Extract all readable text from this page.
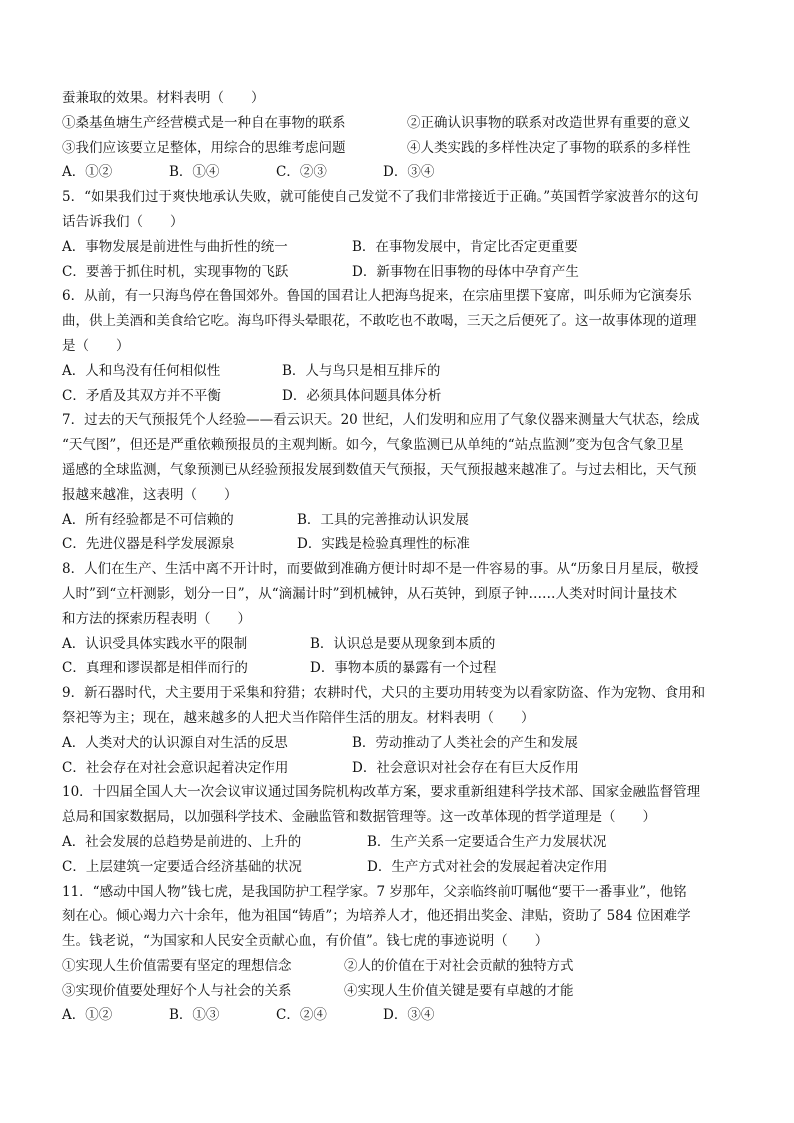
蚕兼取的效果。材料表明（　　）
①桑基鱼塘生产经营模式是一种自在事物的联系	②正确认识事物的联系对改造世界有重要的意义
③我们应该要立足整体，用综合的思维考虑问题	④人类实践的多样性决定了事物的联系的多样性
A．①②	B．①④	C．②③	D．③④
5．“如果我们过于爽快地承认失败，就可能使自己发觉不了我们非常接近于正确。”英国哲学家波普尔的这句
话告诉我们（　　）
A．事物发展是前进性与曲折性的统一	B．在事物发展中，肯定比否定更重要
C．要善于抓住时机，实现事物的飞跃	D．新事物在旧事物的母体中孕育产生
6．从前，有一只海鸟停在鲁国郊外。鲁国的国君让人把海鸟捉来，在宗庙里摆下宴席，叫乐师为它演奏乐
曲，供上美酒和美食给它吃。海鸟吓得头晕眼花，不敢吃也不敢喝，三天之后便死了。这一故事体现的道理
是（　　）
A．人和鸟没有任何相似性	B．人与鸟只是相互排斥的
C．矛盾及其双方并不平衡	D．必须具体问题具体分析
7．过去的天气预报凭个人经验——看云识天。20 世纪，人们发明和应用了气象仪器来测量大气状态，绘成
“天气图”，但还是严重依赖预报员的主观判断。如今，气象监测已从单纯的“站点监测”变为包含气象卫星
遥感的全球监测，气象预测已从经验预报发展到数值天气预报，天气预报越来越准了。与过去相比，天气预
报越来越准，这表明（　　）
A．所有经验都是不可信赖的	B．工具的完善推动认识发展
C．先进仪器是科学发展源泉	D．实践是检验真理性的标准
8．人们在生产、生活中离不开计时，而要做到准确方便计时却不是一件容易的事。从“历象日月星辰，敬授
人时”到“立杆测影，划分一日”，从“滴漏计时”到机械钟，从石英钟，到原子钟……人类对时间计量技术
和方法的探索历程表明（　　）
A．认识受具体实践水平的限制	B．认识总是要从现象到本质的
C．真理和谬误都是相伴而行的	D．事物本质的暴露有一个过程
9．新石器时代，犬主要用于采集和狩猎；农耕时代，犬只的主要功用转变为以看家防盗、作为宠物、食用和
祭祀等为主；现在，越来越多的人把犬当作陪伴生活的朋友。材料表明（　　）
A．人类对犬的认识源自对生活的反思	B．劳动推动了人类社会的产生和发展
C．社会存在对社会意识起着决定作用	D．社会意识对社会存在有巨大反作用
10．十四届全国人大一次会议审议通过国务院机构改革方案，要求重新组建科学技术部、国家金融监督管理
总局和国家数据局，以加强科学技术、金融监管和数据管理等。这一改革体现的哲学道理是（　　）
A．社会发展的总趋势是前进的、上升的	B．生产关系一定要适合生产力发展状况
C．上层建筑一定要适合经济基础的状况	D．生产方式对社会的发展起着决定作用
11．“感动中国人物”钱七虎，是我国防护工程学家。7 岁那年，父亲临终前叮嘱他“要干一番事业”，他铭
刻在心。倾心竭力六十余年，他为祖国“铸盾”；为培养人才，他还捐出奖金、津贴，资助了 584 位困难学
生。钱老说，“为国家和人民安全贡献心血，有价值”。钱七虎的事迹说明（　　）
①实现人生价值需要有坚定的理想信念	②人的价值在于对社会贡献的独特方式
③实现价值要处理好个人与社会的关系	④实现人生价值关键是要有卓越的才能
A．①②	B．①③	C．②④	D．③④
